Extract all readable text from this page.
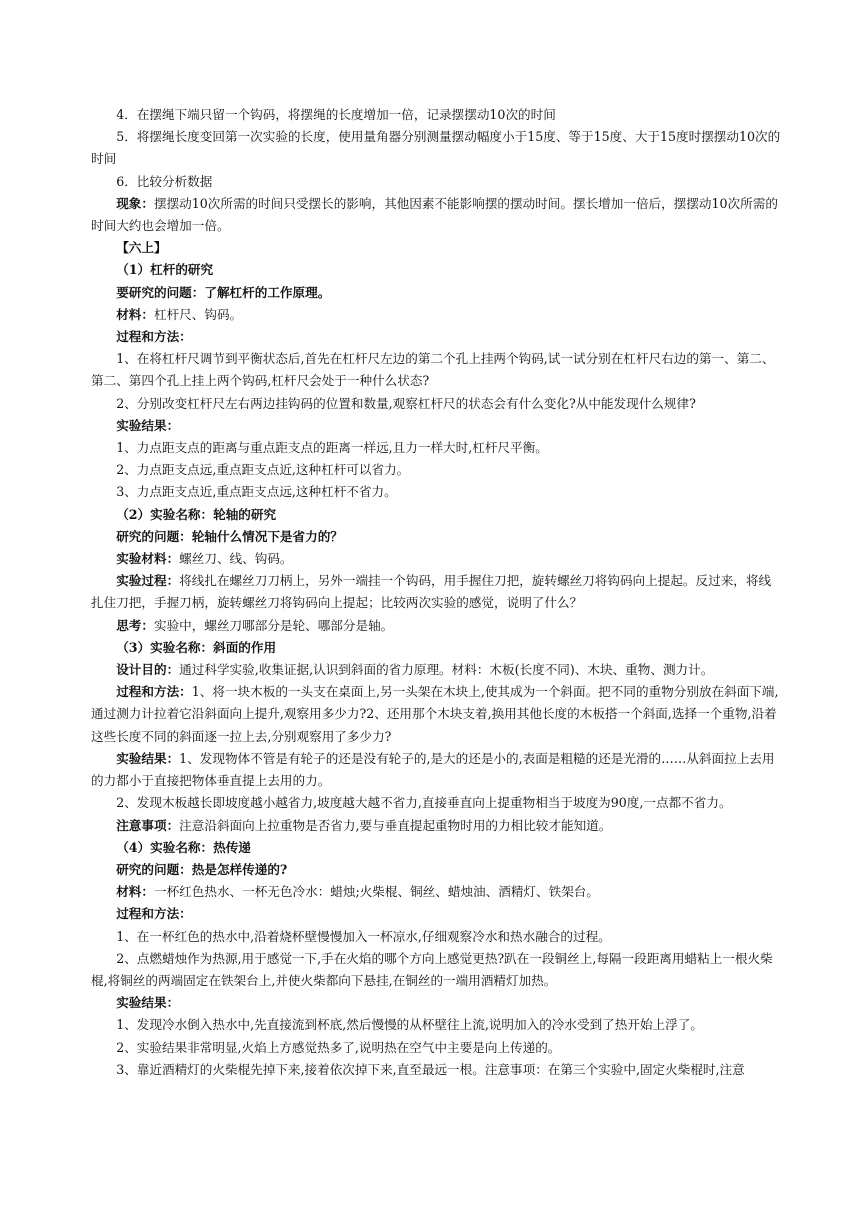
4．在摆绳下端只留一个钩码，将摆绳的长度增加一倍，记录摆摆动10次的时间

5．将摆绳长度变回第一次实验的长度，使用量角器分别测量摆动幅度小于15度、等于15度、大于15度时摆摆动10次的时间

6．比较分析数据

现象：摆摆动10次所需的时间只受摆长的影响，其他因素不能影响摆的摆动时间。摆长增加一倍后，摆摆动10次所需的时间大约也会增加一倍。

【六上】

（1）杠杆的研究

要研究的问题：了解杠杆的工作原理。

材料：杠杆尺、钩码。

过程和方法：

1、在将杠杆尺调节到平衡状态后,首先在杠杆尺左边的第二个孔上挂两个钩码,试一试分别在杠杆尺右边的第一、第二、第二、第四个孔上挂上两个钩码,杠杆尺会处于一种什么状态?

2、分别改变杠杆尺左右两边挂钩码的位置和数量,观察杠杆尺的状态会有什么变化?从中能发现什么规律?

实验结果：

1、力点距支点的距离与重点距支点的距离一样远,且力一样大时,杠杆尺平衡。

2、力点距支点远,重点距支点近,这种杠杆可以省力。

3、力点距支点近,重点距支点远,这种杠杆不省力。

（2）实验名称：轮轴的研究

研究的问题：轮轴什么情况下是省力的？

实验材料：螺丝刀、线、钩码。

实验过程：将线扎在螺丝刀刀柄上，另外一端挂一个钩码，用手握住刀把，旋转螺丝刀将钩码向上提起。反过来，将线扎住刀把，手握刀柄，旋转螺丝刀将钩码向上提起；比较两次实验的感觉，说明了什么？

思考：实验中，螺丝刀哪部分是轮、哪部分是轴。

（3）实验名称：斜面的作用

设计目的：通过科学实验,收集证据,认识到斜面的省力原理。材料：木板(长度不同)、木块、重物、测力计。

过程和方法：1、将一块木板的一头支在桌面上,另一头架在木块上,使其成为一个斜面。把不同的重物分别放在斜面下端,通过测力计拉着它沿斜面向上提升,观察用多少力?2、还用那个木块支着,换用其他长度的木板搭一个斜面,选择一个重物,沿着这些长度不同的斜面逐一拉上去,分别观察用了多少力?

实验结果：1、发现物体不管是有轮子的还是没有轮子的,是大的还是小的,表面是粗糙的还是光滑的……从斜面拉上去用的力都小于直接把物体垂直提上去用的力。

2、发现木板越长即坡度越小越省力,坡度越大越不省力,直接垂直向上提重物相当于坡度为90度,一点都不省力。

注意事项：注意沿斜面向上拉重物是否省力,要与垂直提起重物时用的力相比较才能知道。

（4）实验名称：热传递

研究的问题：热是怎样传递的?

材料：一杯红色热水、一杯无色冷水：蜡烛;火柴棍、铜丝、蜡烛油、酒精灯、铁架台。

过程和方法：

1、在一杯红色的热水中,沿着烧杯壁慢慢加入一杯凉水,仔细观察冷水和热水融合的过程。

2、点燃蜡烛作为热源,用于感觉一下,手在火焰的哪个方向上感觉更热?趴在一段铜丝上,每隔一段距离用蜡粘上一根火柴棍,将铜丝的两端固定在铁架台上,并使火柴都向下悬挂,在铜丝的一端用酒精灯加热。

实验结果：

1、发现冷水倒入热水中,先直接流到杯底,然后慢慢的从杯壁往上流,说明加入的冷水受到了热开始上浮了。

2、实验结果非常明显,火焰上方感觉热多了,说明热在空气中主要是向上传递的。

3、靠近酒精灯的火柴棍先掉下来,接着依次掉下来,直至最远一根。注意事项：在第三个实验中,固定火柴棍时,注意
